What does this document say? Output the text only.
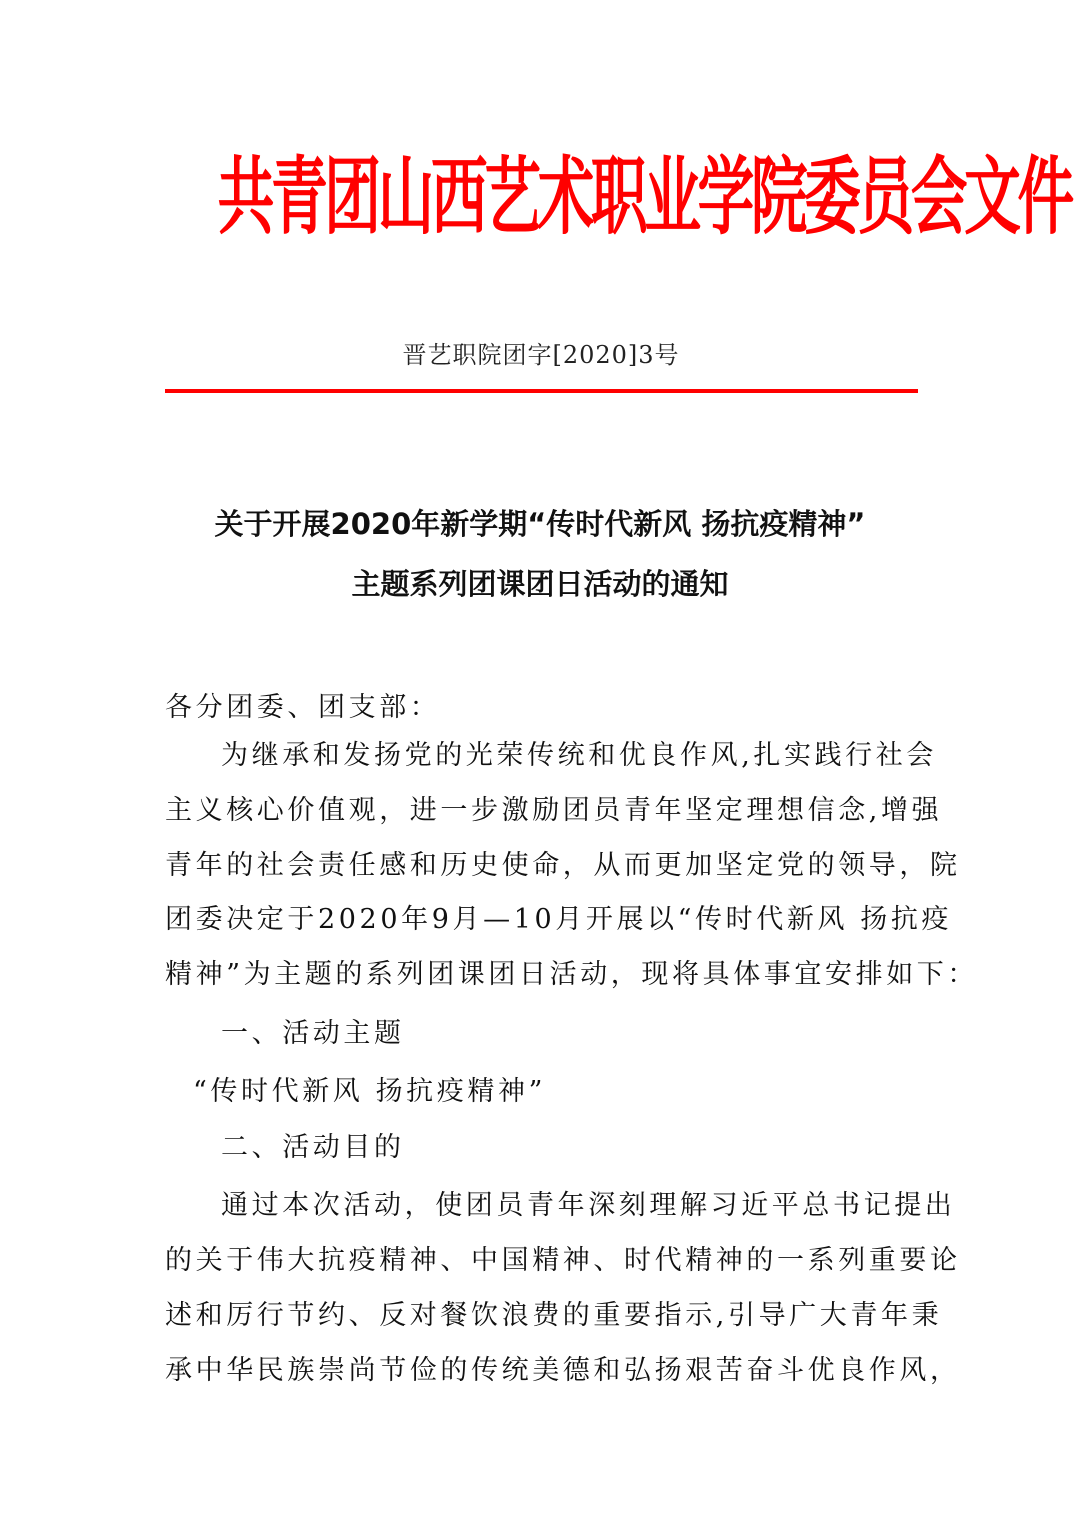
共青团山西艺术职业学院委员会文件
晋艺职院团字[2020]3号
关于开展2020年新学期“传时代新风 扬抗疫精神”
主题系列团课团日活动的通知
各分团委、团支部：
为继承和发扬党的光荣传统和优良作风,扎实践行社会
主义核心价值观，进一步激励团员青年坚定理想信念,增强
青年的社会责任感和历史使命，从而更加坚定党的领导，院
团委决定于2020年9月—10月开展以“传时代新风 扬抗疫
精神”为主题的系列团课团日活动，现将具体事宜安排如下：
一、活动主题
“传时代新风 扬抗疫精神”
二、活动目的
通过本次活动，使团员青年深刻理解习近平总书记提出
的关于伟大抗疫精神、中国精神、时代精神的一系列重要论
述和厉行节约、反对餐饮浪费的重要指示,引导广大青年秉
承中华民族崇尚节俭的传统美德和弘扬艰苦奋斗优良作风，
